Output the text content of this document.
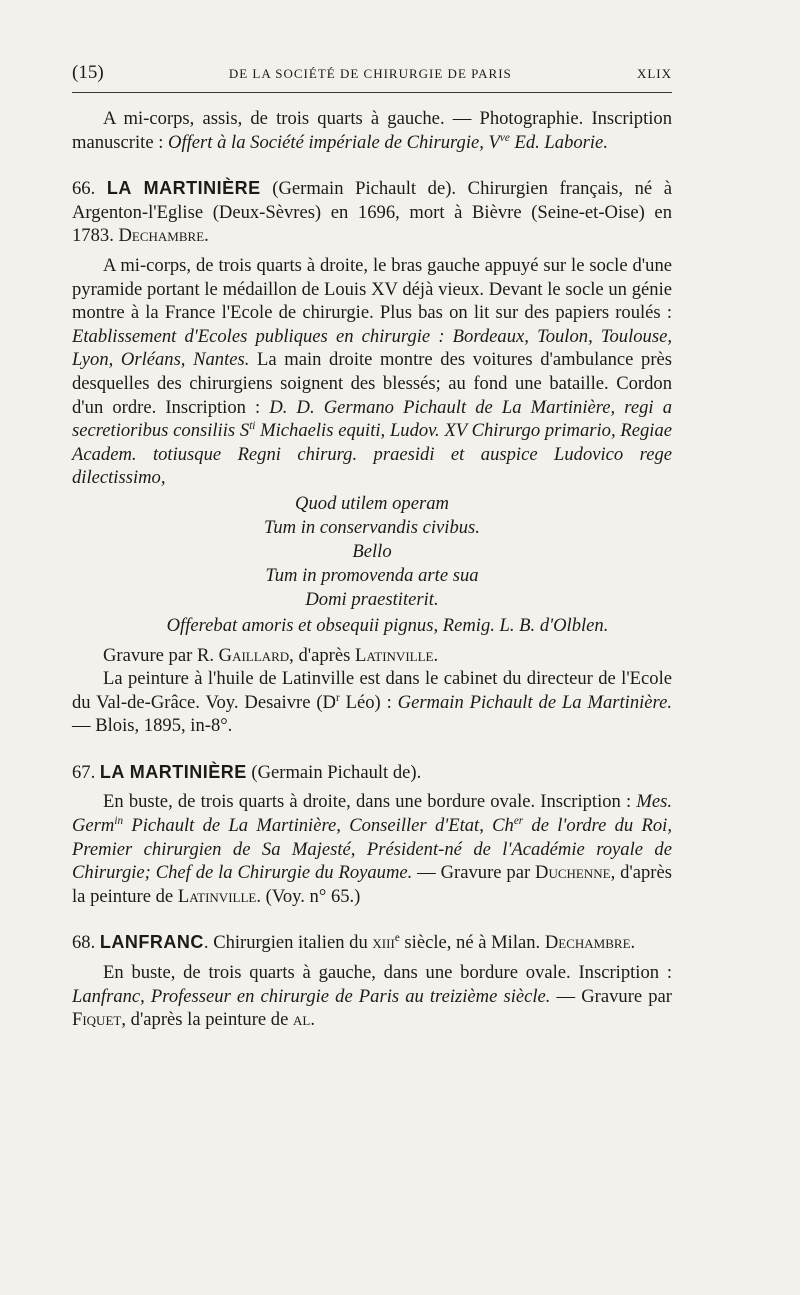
(15)	DE LA SOCIÉTÉ DE CHIRURGIE DE PARIS	XLIX

A mi-corps, assis, de trois quarts à gauche. — Photographie. Inscription manuscrite : Offert à la Société impériale de Chirurgie, $V^{ve}$ Ed. Laborie.

66. LA MARTINIÈRE (Germain Pichault de). Chirurgien français, né à Argenton-l'Eglise (Deux-Sèvres) en 1696, mort à Bièvre (Seine-et-Oise) en 1783. Dechambre.

A mi-corps, de trois quarts à droite, le bras gauche appuyé sur le socle d'une pyramide portant le médaillon de Louis XV déjà vieux. Devant le socle un génie montre à la France l'Ecole de chirurgie. Plus bas on lit sur des papiers roulés : Etablissement d'Ecoles publiques en chirurgie : Bordeaux, Toulon, Toulouse, Lyon, Orléans, Nantes. La main droite montre des voitures d'ambulance près desquelles des chirurgiens soignent des blessés; au fond une bataille. Cordon d'un ordre. Inscription : D. D. Germano Pichault de La Martinière, regi a secretioribus consiliis $S^{ti}$ Michaelis equiti, Ludov. XV Chirurgo primario, Regiae Academ. totiusque Regni chirurg. praesidi et auspice Ludovico rege dilectissimo,

Quod utilem operam
Tum in conservandis civibus.
Bello
Tum in promovenda arte sua
Domi praestiterit.

Offerebat amoris et obsequii pignus, Remig. L. B. d'Olblen.

Gravure par R. Gaillard, d'après Latinville.

La peinture à l'huile de Latinville est dans le cabinet du directeur de l'Ecole du Val-de-Grâce. Voy. Desaivre ($D^r$ Léo) : Germain Pichault de La Martinière. — Blois, 1895, in-8°.

67. LA MARTINIÈRE (Germain Pichault de).

En buste, de trois quarts à droite, dans une bordure ovale. Inscription : Mes. Germ$^{in}$ Pichault de La Martinière, Conseiller d'Etat, $Ch^{er}$ de l'ordre du Roi, Premier chirurgien de Sa Majesté, Président-né de l'Académie royale de Chirurgie; Chef de la Chirurgie du Royaume. — Gravure par Duchenne, d'après la peinture de Latinville. (Voy. n° 65.)

68. LANFRANC. Chirurgien italien du xiii$^e$ siècle, né à Milan. Dechambre.

En buste, de trois quarts à gauche, dans une bordure ovale. Inscription : Lanfranc, Professeur en chirurgie de Paris au treizième siècle. — Gravure par Fiquet, d'après la peinture de al.
